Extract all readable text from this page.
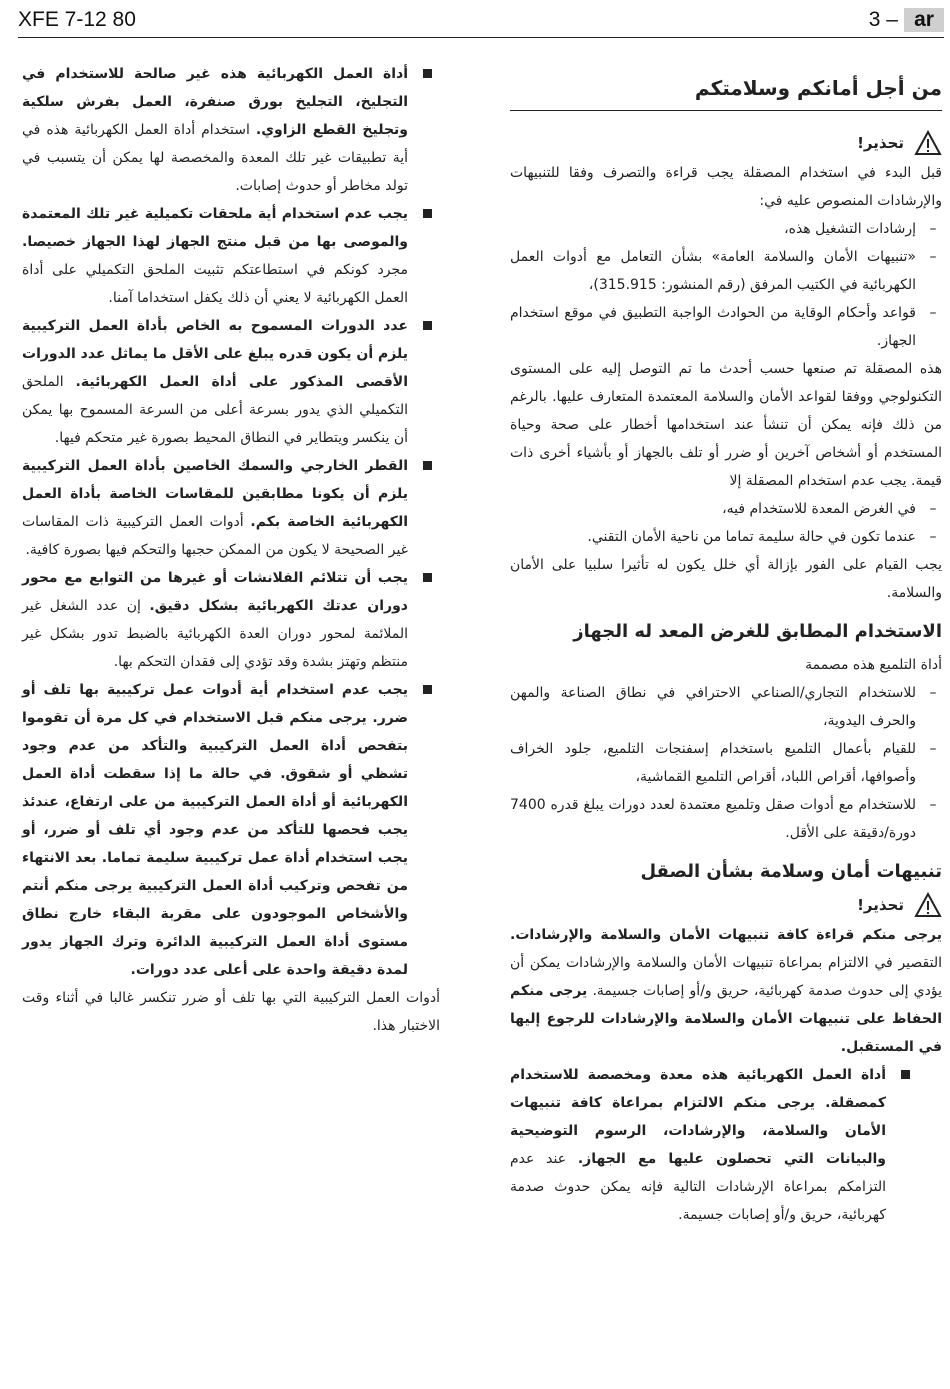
XFE 7-12 80	3 – ar
من أجل أمانكم وسلامتكم
تحذير!

قبل البدء في استخدام المصقلة يجب قراءة والتصرف وفقا للتنبيهات والإرشادات المنصوص عليه في:

–
إرشادات التشغيل هذه،
–
«تنبيهات الأمان والسلامة العامة» بشأن التعامل مع أدوات العمل الكهربائية في الكتيب المرفق (رقم المنشور: 315.915)،
–
قواعد وأحكام الوقاية من الحوادث الواجبة التطبيق في موقع استخدام الجهاز.

هذه المصقلة تم صنعها حسب أحدث ما تم التوصل إليه على المستوى التكنولوجي ووفقا لقواعد الأمان والسلامة المعتمدة المتعارف عليها. بالرغم من ذلك فإنه يمكن أن تنشأ عند استخدامها أخطار على صحة وحياة المستخدم أو أشخاص آخرين أو ضرر أو تلف بالجهاز أو بأشياء أخرى ذات قيمة. يجب عدم استخدام المصقلة إلا

–
في الغرض المعدة للاستخدام فيه،
–
عندما تكون في حالة سليمة تماما من ناحية الأمان التقني.

يجب القيام على الفور بإزالة أي خلل يكون له تأثيرا سلبيا على الأمان والسلامة.

الاستخدام المطابق للغرض المعد له الجهاز

أداة التلميع هذه مصممة

–
للاستخدام التجاري/الصناعي الاحترافي في نطاق الصناعة والمهن والحرف اليدوية،
–
للقيام بأعمال التلميع باستخدام إسفنجات التلميع، جلود الخراف وأصوافها، أقراص اللباد، أقراص التلميع القماشية،
–
للاستخدام مع أدوات صقل وتلميع معتمدة لعدد دورات يبلغ قدره 7400 دورة/دقيقة على الأقل.
تنبيهات أمان وسلامة بشأن الصقل
تحذير!

يرجى منكم قراءة كافة تنبيهات الأمان والسلامة والإرشادات. التقصير في الالتزام بمراعاة تنبيهات الأمان والسلامة والإرشادات يمكن أن يؤدي إلى حدوث صدمة كهربائية، حريق و/أو إصابات جسيمة. يرجى منكم الحفاظ على تنبيهات الأمان والسلامة والإرشادات للرجوع إليها في المستقبل.

أداة العمل الكهربائية هذه معدة ومخصصة للاستخدام كمصقلة. يرجى منكم الالتزام بمراعاة كافة تنبيهات الأمان والسلامة، والإرشادات، الرسوم التوضيحية والبيانات التي تحصلون عليها مع الجهاز. عند عدم التزامكم بمراعاة الإرشادات التالية فإنه يمكن حدوث صدمة كهربائية، حريق و/أو إصابات جسيمة.
أداة العمل الكهربائية هذه غير صالحة للاستخدام في التجليخ، التجليخ بورق صنفرة، العمل بفرش سلكية وتجليخ القطع الزاوي. استخدام أداة العمل الكهربائية هذه في أية تطبيقات غير تلك المعدة والمخصصة لها يمكن أن يتسبب في تولد مخاطر أو حدوث إصابات.
يجب عدم استخدام أية ملحقات تكميلية غير تلك المعتمدة والموصى بها من قبل منتج الجهاز لهذا الجهاز خصيصا. مجرد كونكم في استطاعتكم تثبيت الملحق التكميلي على أداة العمل الكهربائية لا يعني أن ذلك يكفل استخداما آمنا.
عدد الدورات المسموح به الخاص بأداة العمل التركيبية يلزم أن يكون قدره يبلغ على الأقل ما يماثل عدد الدورات الأقصى المذكور على أداة العمل الكهربائية. الملحق التكميلي الذي يدور بسرعة أعلى من السرعة المسموح بها يمكن أن ينكسر ويتطاير في النطاق المحيط بصورة غير متحكم فيها.
القطر الخارجي والسمك الخاصين بأداة العمل التركيبية يلزم أن يكونا مطابقين للمقاسات الخاصة بأداة العمل الكهربائية الخاصة بكم. أدوات العمل التركيبية ذات المقاسات غير الصحيحة لا يكون من الممكن حجبها والتحكم فيها بصورة كافية.
يجب أن تتلائم الفلانشات أو غيرها من التوابع مع محور دوران عدتك الكهربائية بشكل دقيق. إن عدد الشغل غير الملائمة لمحور دوران العدة الكهربائية بالضبط تدور بشكل غير منتظم وتهتز بشدة وقد تؤدي إلى فقدان التحكم بها.
يجب عدم استخدام أية أدوات عمل تركيبية بها تلف أو ضرر. يرجى منكم قبل الاستخدام في كل مرة أن تقوموا بتفحص أداة العمل التركيبية والتأكد من عدم وجود تشظي أو شقوق. في حالة ما إذا سقطت أداة العمل الكهربائية أو أداة العمل التركيبية من على ارتفاع، عندئذ يجب فحصها للتأكد من عدم وجود أي تلف أو ضرر، أو يجب استخدام أداة عمل تركيبية سليمة تماما. بعد الانتهاء من تفحص وتركيب أداة العمل التركيبية يرجى منكم أنتم والأشخاص الموجودون على مقربة البقاء خارج نطاق مستوى أداة العمل التركيبية الدائرة وترك الجهاز يدور لمدة دقيقة واحدة على أعلى عدد دورات.

أدوات العمل التركيبية التي بها تلف أو ضرر تنكسر غالبا في أثناء وقت الاختبار هذا.
